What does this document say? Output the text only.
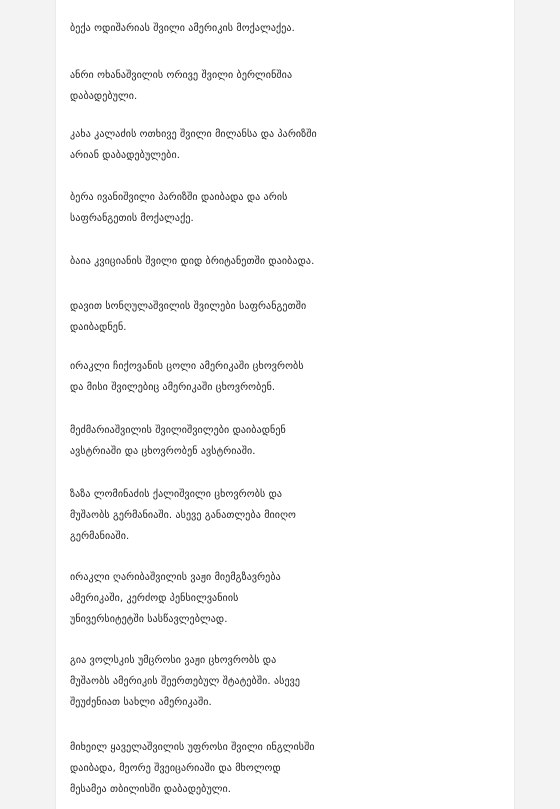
ბექა ოდიშარიას შვილი ამერიკის მოქალაქეა.

ანრი ოხანაშვილის ორივე შვილი ბერლინშია
დაბადებული.

კახა კალაძის ოთხივე შვილი მილანსა და პარიზში
არიან დაბადებულები.

ბერა ივანიშვილი პარიზში დაიბადა და არის
საფრანგეთის მოქალაქე.

ბაია კვიციანის შვილი დიდ ბრიტანეთში დაიბადა.

დავით სონღულაშვილის შვილები საფრანგეთში
დაიბადნენ.

ირაკლი ჩიქოვანის ცოლი ამერიკაში ცხოვრობს
და მისი შვილებიც ამერიკაში ცხოვრობენ.

მეძმარიაშვილის შვილიშვილები დაიბადნენ
ავსტრიაში და ცხოვრობენ ავსტრიაში.

ზაზა ლომინაძის ქალიშვილი ცხოვრობს და
მუშაობს გერმანიაში. ასევე განათლება მიიღო
გერმანიაში.

ირაკლი ღარიბაშვილის ვაჟი მიემგზავრება
ამერიკაში, კერძოდ პენსილვანიის
უნივერსიტეტში სასწავლებლად.

გია ვოლსკის უმცროსი ვაჟი ცხოვრობს და
მუშაობს ამერიკის შეერთებულ შტატებში. ასევე
შეუძენიათ სახლი ამერიკაში.

მიხეილ ყაველაშვილის უფროსი შვილი ინგლისში
დაიბადა, მეორე შვეიცარიაში და მხოლოდ
მესამეა თბილისში დაბადებული.
